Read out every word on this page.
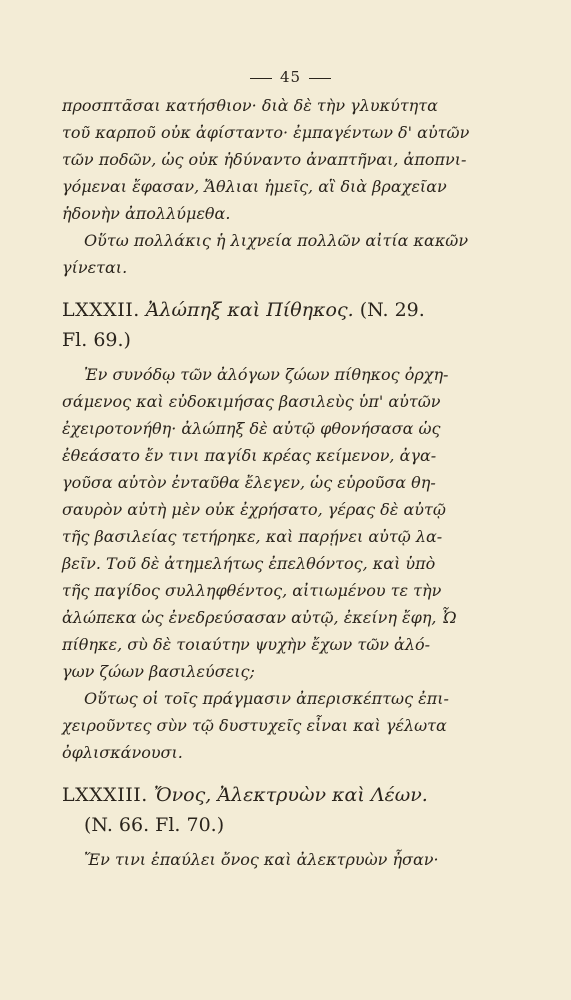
45

προσπτᾶσαι κατήσθιον· διὰ δὲ τὴν γλυκύτητα
τοῦ καρποῦ οὐκ ἀφίσταντο· ἐμπαγέντων δ' αὐτῶν
τῶν ποδῶν, ὡς οὐκ ἠδύναντο ἀναπτῆναι, ἀποπνι-
γόμεναι ἔφασαν, Ἄθλιαι ἡμεῖς, αἳ διὰ βραχεῖαν
ἡδονὴν ἀπολλύμεθα.

Οὕτω πολλάκις ἡ λιχνεία πολλῶν αἰτία κακῶν
γίνεται.

LXXXII. Ἀλώπηξ καὶ Πίθηκος. (N. 29.
Fl. 69.)

Ἐν συνόδῳ τῶν ἀλόγων ζώων πίθηκος ὀρχη-
σάμενος καὶ εὐδοκιμήσας βασιλεὺς ὑπ' αὐτῶν
ἐχειροτονήθη· ἀλώπηξ δὲ αὐτῷ φθονήσασα ὡς
ἐθεάσατο ἔν τινι παγίδι κρέας κείμενον, ἀγα-
γοῦσα αὐτὸν ἐνταῦθα ἔλεγεν, ὡς εὑροῦσα θη-
σαυρὸν αὐτὴ μὲν οὐκ ἐχρήσατο, γέρας δὲ αὐτῷ
τῆς βασιλείας τετήρηκε, καὶ παρῄνει αὐτῷ λα-
βεῖν. Τοῦ δὲ ἀτημελήτως ἐπελθόντος, καὶ ὑπὸ
τῆς παγίδος συλληφθέντος, αἰτιωμένου τε τὴν
ἀλώπεκα ὡς ἐνεδρεύσασαν αὐτῷ, ἐκείνη ἔφη, Ὦ
πίθηκε, σὺ δὲ τοιαύτην ψυχὴν ἔχων τῶν ἀλό-
γων ζώων βασιλεύσεις;

Οὕτως οἱ τοῖς πράγμασιν ἀπερισκέπτως ἐπι-
χειροῦντες σὺν τῷ δυστυχεῖς εἶναι καὶ γέλωτα
ὀφλισκάνουσι.

LXXXIII. Ὄνος, Ἀλεκτρυὼν καὶ Λέων.
(N. 66. Fl. 70.)

Ἔν τινι ἐπαύλει ὄνος καὶ ἀλεκτρυὼν ἦσαν·
